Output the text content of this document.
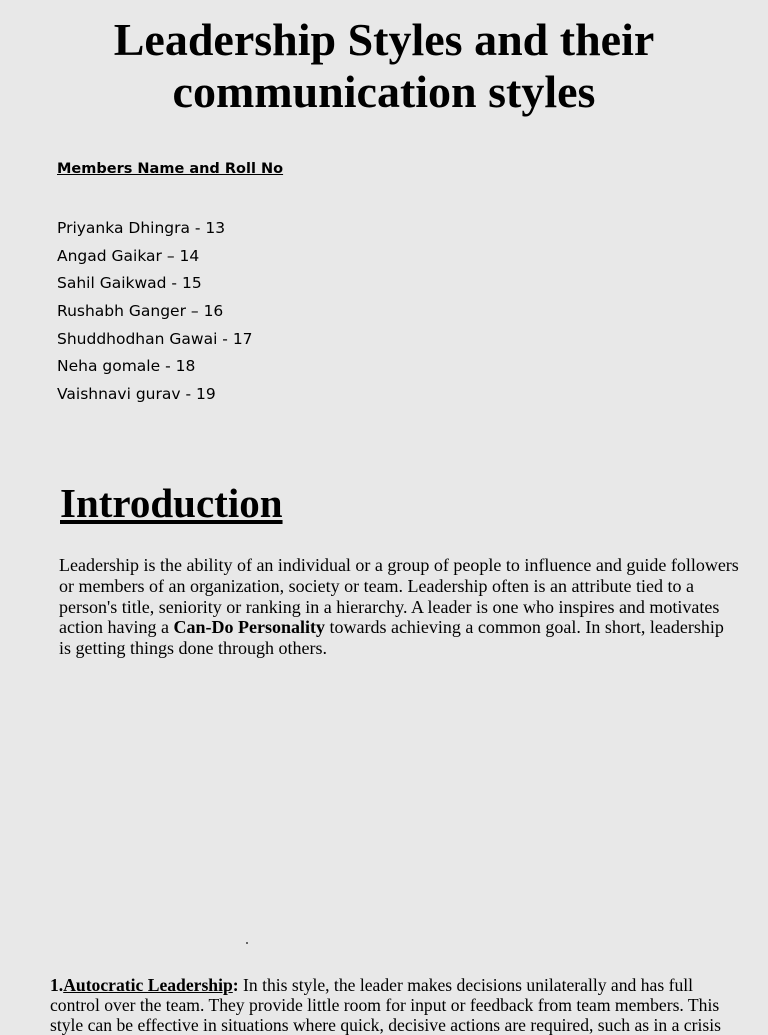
Leadership Styles and their
communication styles
Members Name and Roll No
Priyanka Dhingra - 13
Angad Gaikar – 14
Sahil Gaikwad - 15
Rushabh Ganger – 16
Shuddhodhan Gawai - 17
Neha gomale - 18
Vaishnavi gurav - 19
Introduction

Leadership is the ability of an individual or a group of people to influence and guide followers or members of an organization, society or team. Leadership often is an attribute tied to a person's title, seniority or ranking in a hierarchy. A leader is one who inspires and motivates action having a Can-Do Personality towards achieving a common goal. In short, leadership is getting things done through others.

1.Autocratic Leadership: In this style, the leader makes decisions unilaterally and has full control over the team. They provide little room for input or feedback from team members. This style can be effective in situations where quick, decisive actions are required, such as in a crisis
